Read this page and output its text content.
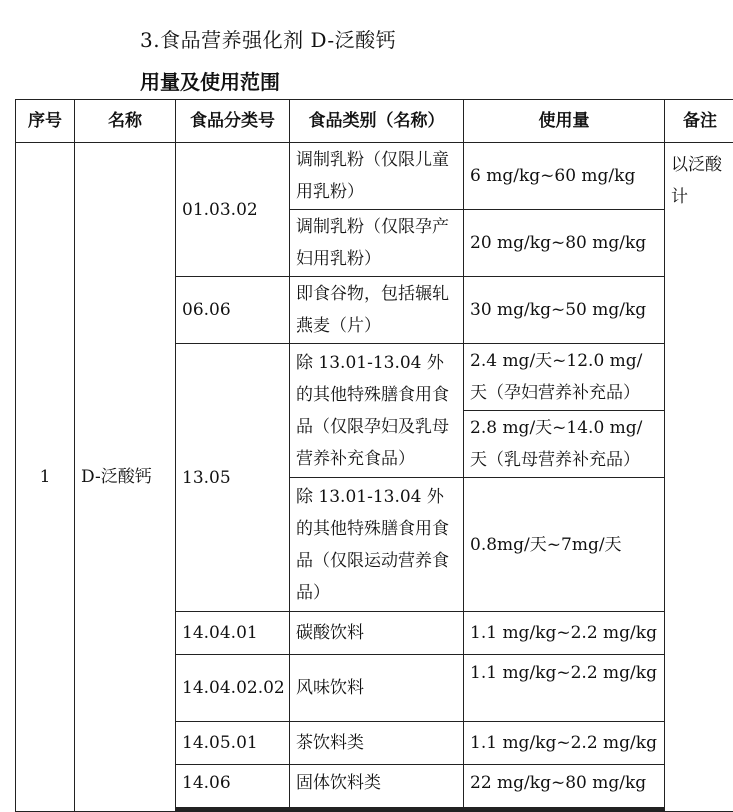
3.食品营养强化剂 D-泛酸钙
用量及使用范围
序号	名称	食品分类号	食品类别（名称）	使用量	备注
1	D-泛酸钙	01.03.02	调制乳粉（仅限儿童用乳粉）	6 mg/kg~60 mg/kg	以泛酸计
			调制乳粉（仅限孕产妇用乳粉）	20 mg/kg~80 mg/kg	
		06.06	即食谷物，包括辗轧燕麦（片）	30 mg/kg~50 mg/kg	
		13.05	除 13.01-13.04 外的其他特殊膳食用食品（仅限孕妇及乳母营养补充食品）	2.4 mg/天~12.0 mg/天（孕妇营养补充品）	
				2.8 mg/天~14.0 mg/天（乳母营养补充品）	
			除 13.01-13.04 外的其他特殊膳食用食品（仅限运动营养食品）	0.8mg/天~7mg/天	
		14.04.01	碳酸饮料	1.1 mg/kg~2.2 mg/kg	
		14.04.02.02	风味饮料	1.1 mg/kg~2.2 mg/kg	
		14.05.01	茶饮料类	1.1 mg/kg~2.2 mg/kg	
		14.06	固体饮料类	22 mg/kg~80 mg/kg	
